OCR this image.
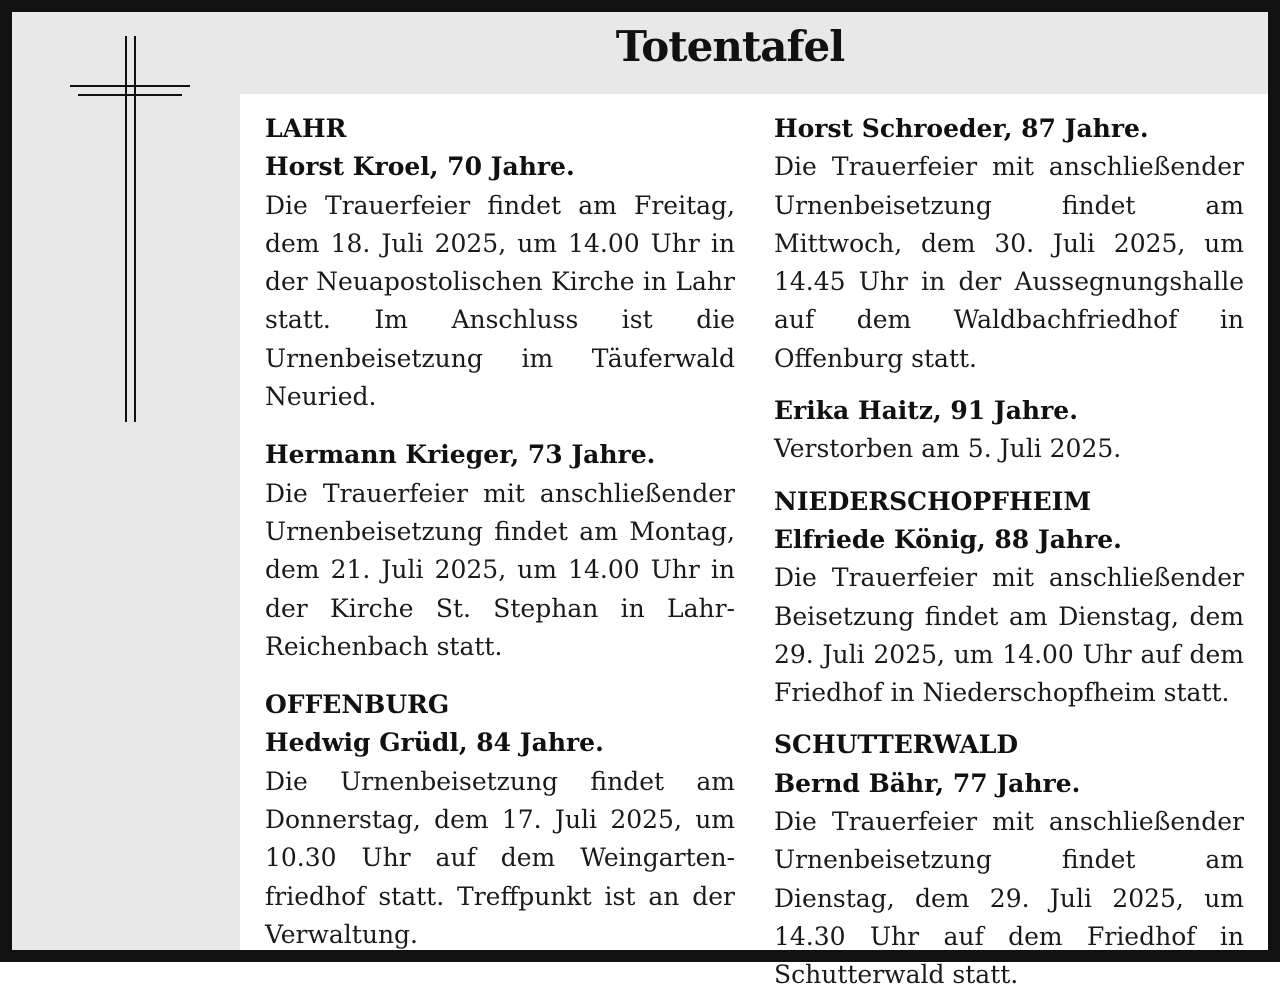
Totentafel
LAHR
Horst Kroel, 70 Jahre.
Die Trauerfeier findet am Freitag, dem 18. Juli 2025, um 14.00 Uhr in der Neuapostolischen Kirche in Lahr statt. Im Anschluss ist die Urnenbeisetzung im Täuferwald Neuried.
Hermann Krieger, 73 Jahre.
Die Trauerfeier mit anschließender Urnenbeisetzung findet am Montag, dem 21. Juli 2025, um 14.00 Uhr in der Kirche St. Stephan in Lahr-Reichenbach statt.
OFFENBURG
Hedwig Grüdl, 84 Jahre.
Die Urnenbeisetzung findet am Donnerstag, dem 17. Juli 2025, um 10.30 Uhr auf dem Weingartenfriedhof statt. Treffpunkt ist an der Verwaltung.
Horst Schroeder, 87 Jahre.
Die Trauerfeier mit anschließender Urnenbeisetzung findet am Mittwoch, dem 30. Juli 2025, um 14.45 Uhr in der Aussegnungshalle auf dem Waldbachfriedhof in Offenburg statt.
Erika Haitz, 91 Jahre.
Verstorben am 5. Juli 2025.
NIEDERSCHOPFHEIM
Elfriede König, 88 Jahre.
Die Trauerfeier mit anschließender Beisetzung findet am Dienstag, dem 29. Juli 2025, um 14.00 Uhr auf dem Friedhof in Niederschopfheim statt.
SCHUTTERWALD
Bernd Bähr, 77 Jahre.
Die Trauerfeier mit anschließender Urnenbeisetzung findet am Dienstag, dem 29. Juli 2025, um 14.30 Uhr auf dem Friedhof in Schutterwald statt.
